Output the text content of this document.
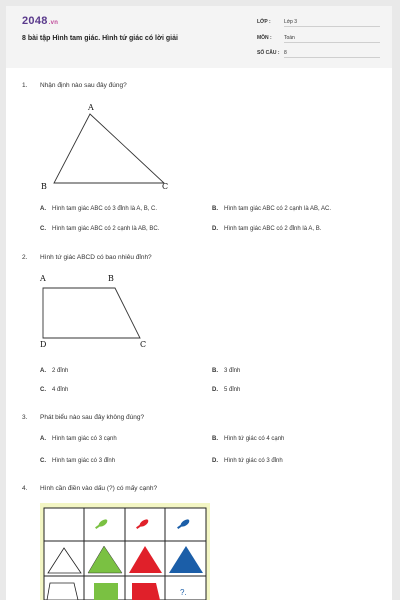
2048.vn
8 bài tập Hình tam giác. Hình tứ giác có lời giải
LỚP :	Lớp 3
MÔN : Toán
SỐ CÂU : 8
1. Nhận định nào sau đây đúng?
A
B	C
A. Hình tam giác ABC có 3 đỉnh là A, B, C.	B. Hình tam giác ABC có 2 cạnh là AB, AC.
C. Hình tam giác ABC có 2 cạnh là AB, BC.	D. Hình tam giác ABC có 2 đỉnh là A, B.
2. Hình tứ giác ABCD có bao nhiêu đỉnh?
A	B
C
D
A. 2 đỉnh	B. 3 đỉnh
C. 4 đỉnh	D. 5 đỉnh
3. Phát biểu nào sau đây không đúng?
A. Hình tam giác có 3 cạnh	B. Hình tứ giác có 4 cạnh
C. Hình tam giác có 3 đỉnh	D. Hình tứ giác có 3 đỉnh
4. Hình cần điền vào dấu (?) có mấy cạnh?
?.
